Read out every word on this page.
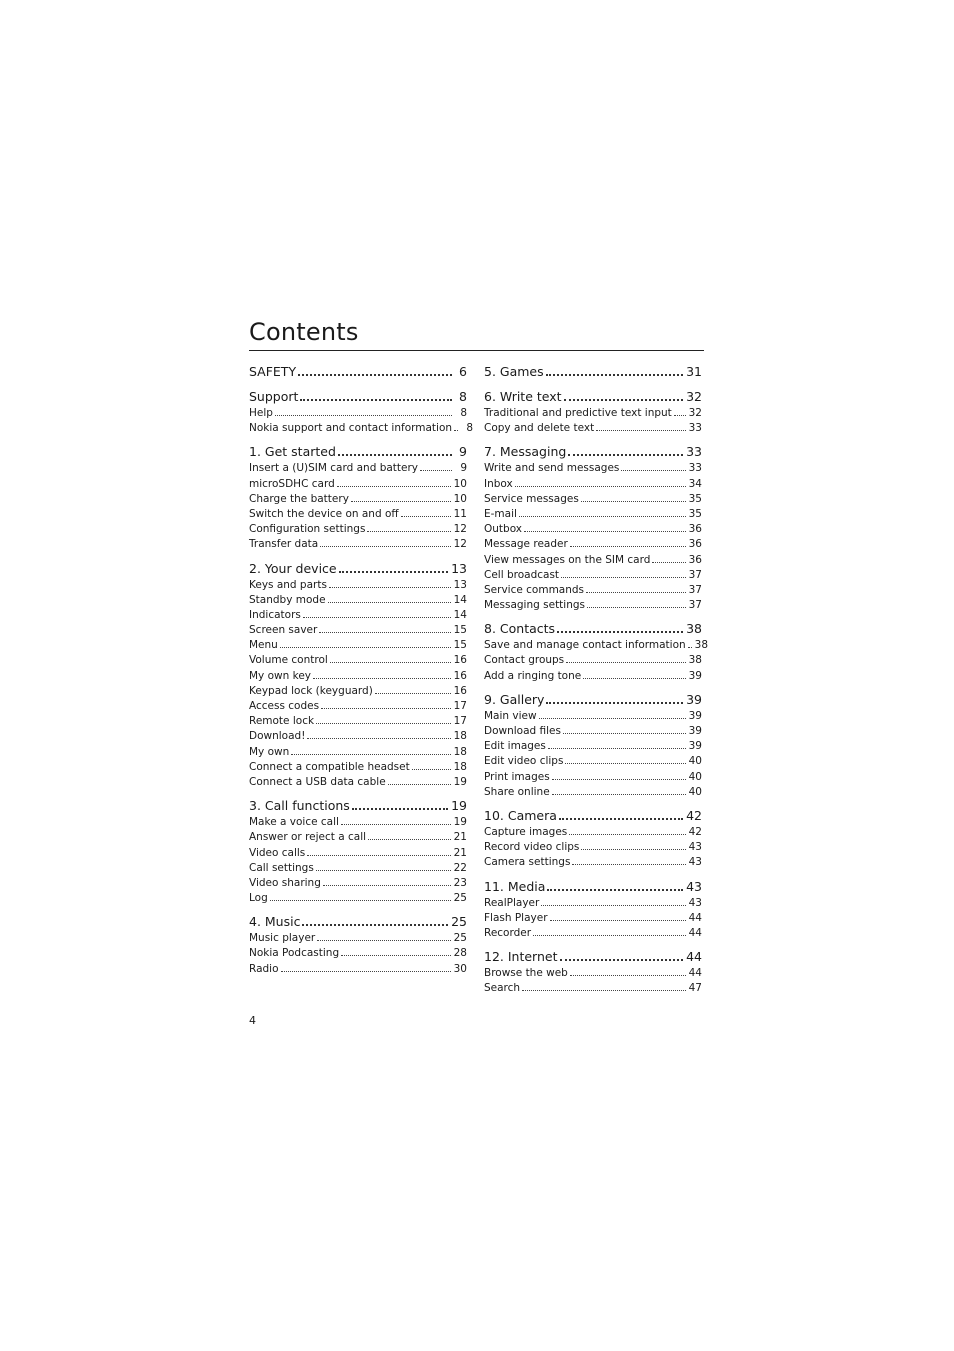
Contents
SAFETY	6
Support	8
Help	8
Nokia support and contact information	8
1. Get started	9
Insert a (U)SIM card and battery	9
microSDHC card	10
Charge the battery	10
Switch the device on and off	11
Configuration settings	12
Transfer data	12
2. Your device	13
Keys and parts	13
Standby mode	14
Indicators	14
Screen saver	15
Menu	15
Volume control	16
My own key	16
Keypad lock (keyguard)	16
Access codes	17
Remote lock	17
Download!	18
My own	18
Connect a compatible headset	18
Connect a USB data cable	19
3. Call functions	19
Make a voice call	19
Answer or reject a call	21
Video calls	21
Call settings	22
Video sharing	23
Log	25
4. Music	25
Music player	25
Nokia Podcasting	28
Radio	30
5. Games	31
6. Write text	32
Traditional and predictive text input 32
Copy and delete text	33
7. Messaging	33
Write and send messages	33
Inbox	34
Service messages	35
E-mail	35
Outbox	36
Message reader	36
View messages on the SIM card	36
Cell broadcast	37
Service commands	37
Messaging settings	37
8. Contacts	38
Save and manage contact information 38
Contact groups	38
Add a ringing tone	39
9. Gallery	39
Main view	39
Download files	39
Edit images	39
Edit video clips	40
Print images	40
Share online	40
10. Camera	42
Capture images	42
Record video clips	43
Camera settings	43
11. Media	43
RealPlayer	43
Flash Player	44
Recorder	44
12. Internet	44
Browse the web	44
Search	47
4
